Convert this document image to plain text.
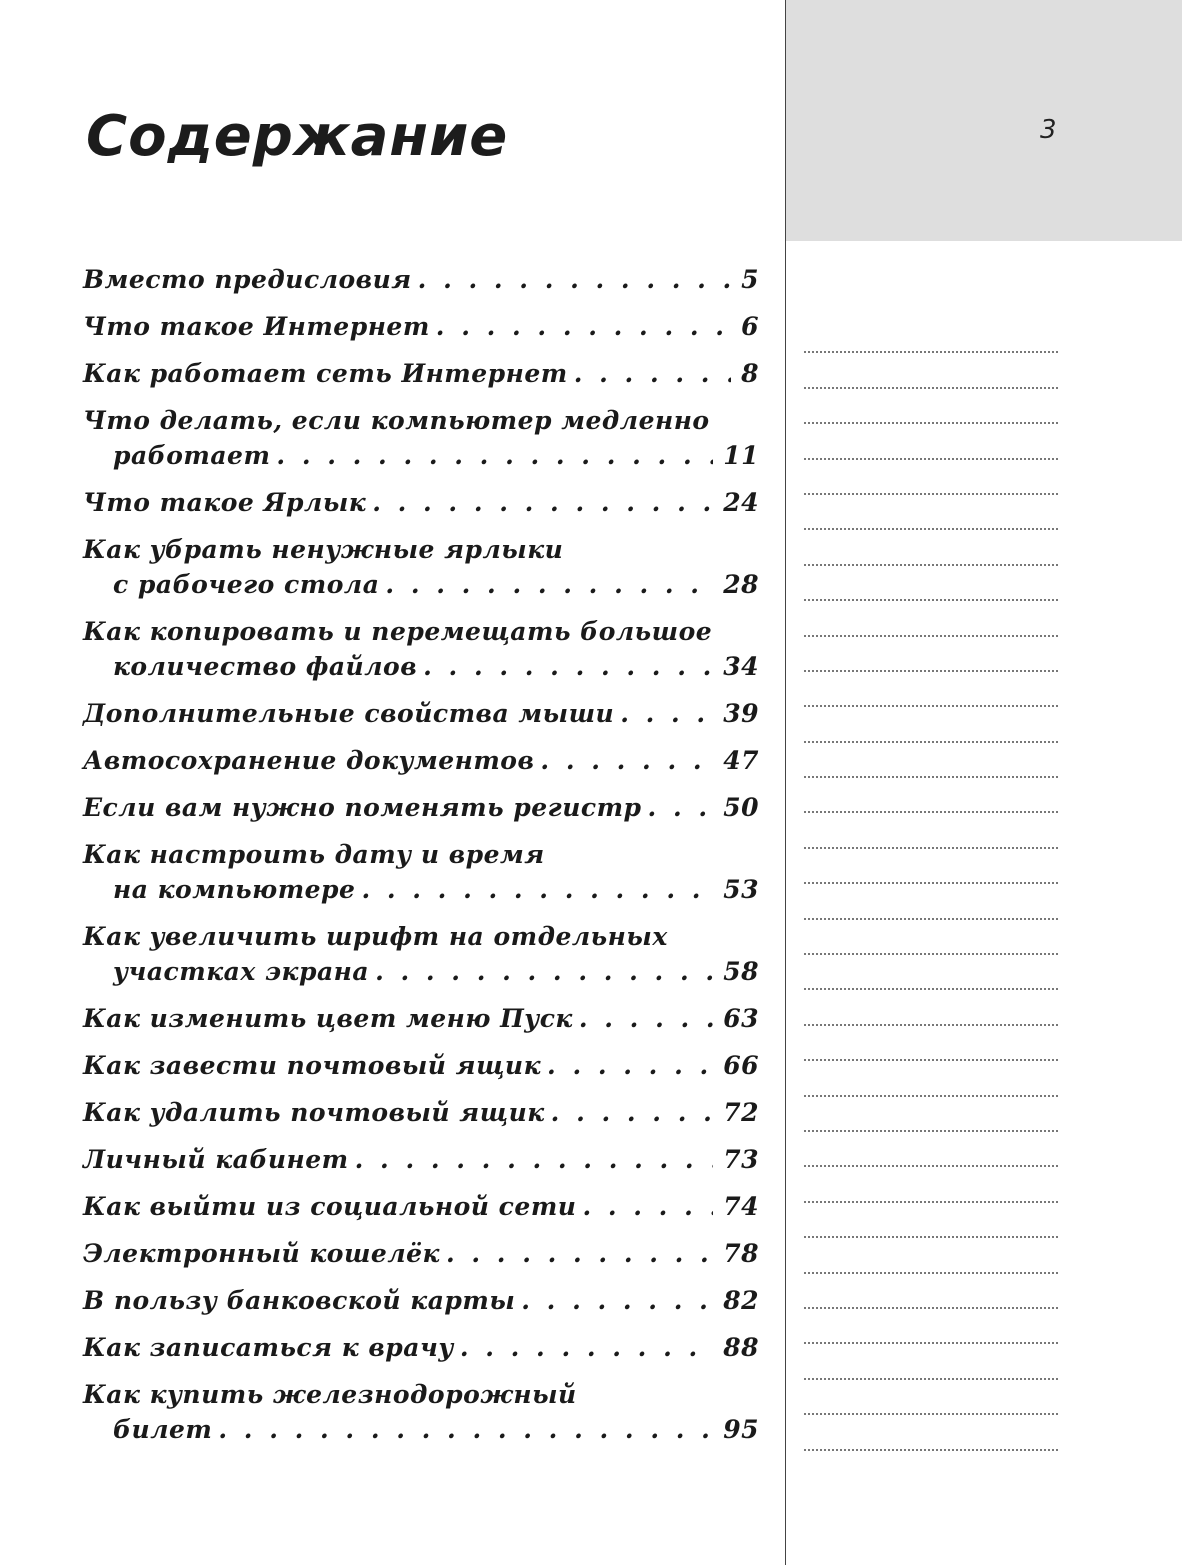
3
Содержание
Вместо предисловия . . .	5
Что такое Интернет . . .	6
Как работает сеть Интернет . . .	8
Что делать, если компьютер медленно
работает . . .	11
Что такое Ярлык . . .	24
Как убрать ненужные ярлыки
с рабочего стола . . .	28
Как копировать и перемещать большое
количество файлов . . .	34
Дополнительные свойства мыши . . .	39
Автосохранение документов . . .	47
Если вам нужно поменять регистр . . .	50
Как настроить дату и время
на компьютере . . .	53
Как увеличить шрифт на отдельных
участках экрана . . .	58
Как изменить цвет меню Пуск . . .	63
Как завести почтовый ящик . . .	66
Как удалить почтовый ящик . . .	72
Личный кабинет . . .	73
Как выйти из социальной сети . . .	74
Электронный кошелёк . . .	78
В пользу банковской карты . . .	82
Как записаться к врачу . . .	88
Как купить железнодорожный
билет . . .	95
